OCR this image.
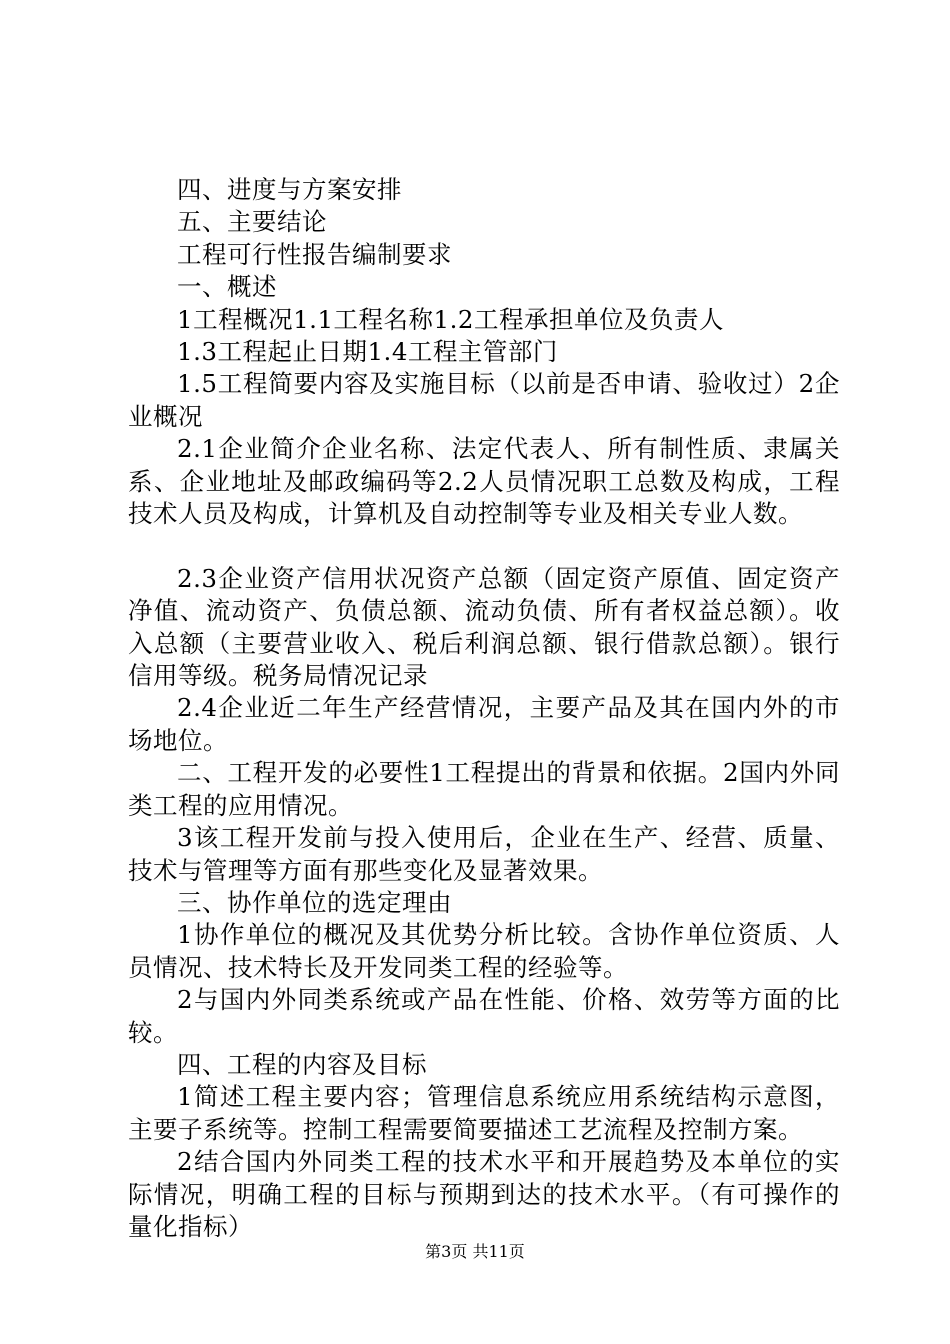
四、进度与方案安排

五、主要结论

工程可行性报告编制要求

一、概述

1工程概况1.1工程名称1.2工程承担单位及负责人

1.3工程起止日期1.4工程主管部门

1.5工程简要内容及实施目标（以前是否申请、验收过）2企业概况

2.1企业简介企业名称、法定代表人、所有制性质、隶属关系、企业地址及邮政编码等2.2人员情况职工总数及构成，工程技术人员及构成，计算机及自动控制等专业及相关专业人数。

2.3企业资产信用状况资产总额（固定资产原值、固定资产净值、流动资产、负债总额、流动负债、所有者权益总额）。收入总额（主要营业收入、税后利润总额、银行借款总额）。银行信用等级。税务局情况记录

2.4企业近二年生产经营情况，主要产品及其在国内外的市场地位。

二、工程开发的必要性1工程提出的背景和依据。2国内外同类工程的应用情况。

3该工程开发前与投入使用后，企业在生产、经营、质量、技术与管理等方面有那些变化及显著效果。

三、协作单位的选定理由

1协作单位的概况及其优势分析比较。含协作单位资质、人员情况、技术特长及开发同类工程的经验等。

2与国内外同类系统或产品在性能、价格、效劳等方面的比较。

四、工程的内容及目标

1简述工程主要内容；管理信息系统应用系统结构示意图，主要子系统等。控制工程需要简要描述工艺流程及控制方案。

2结合国内外同类工程的技术水平和开展趋势及本单位的实际情况，明确工程的目标与预期到达的技术水平。（有可操作的量化指标）

第3页 共11页
